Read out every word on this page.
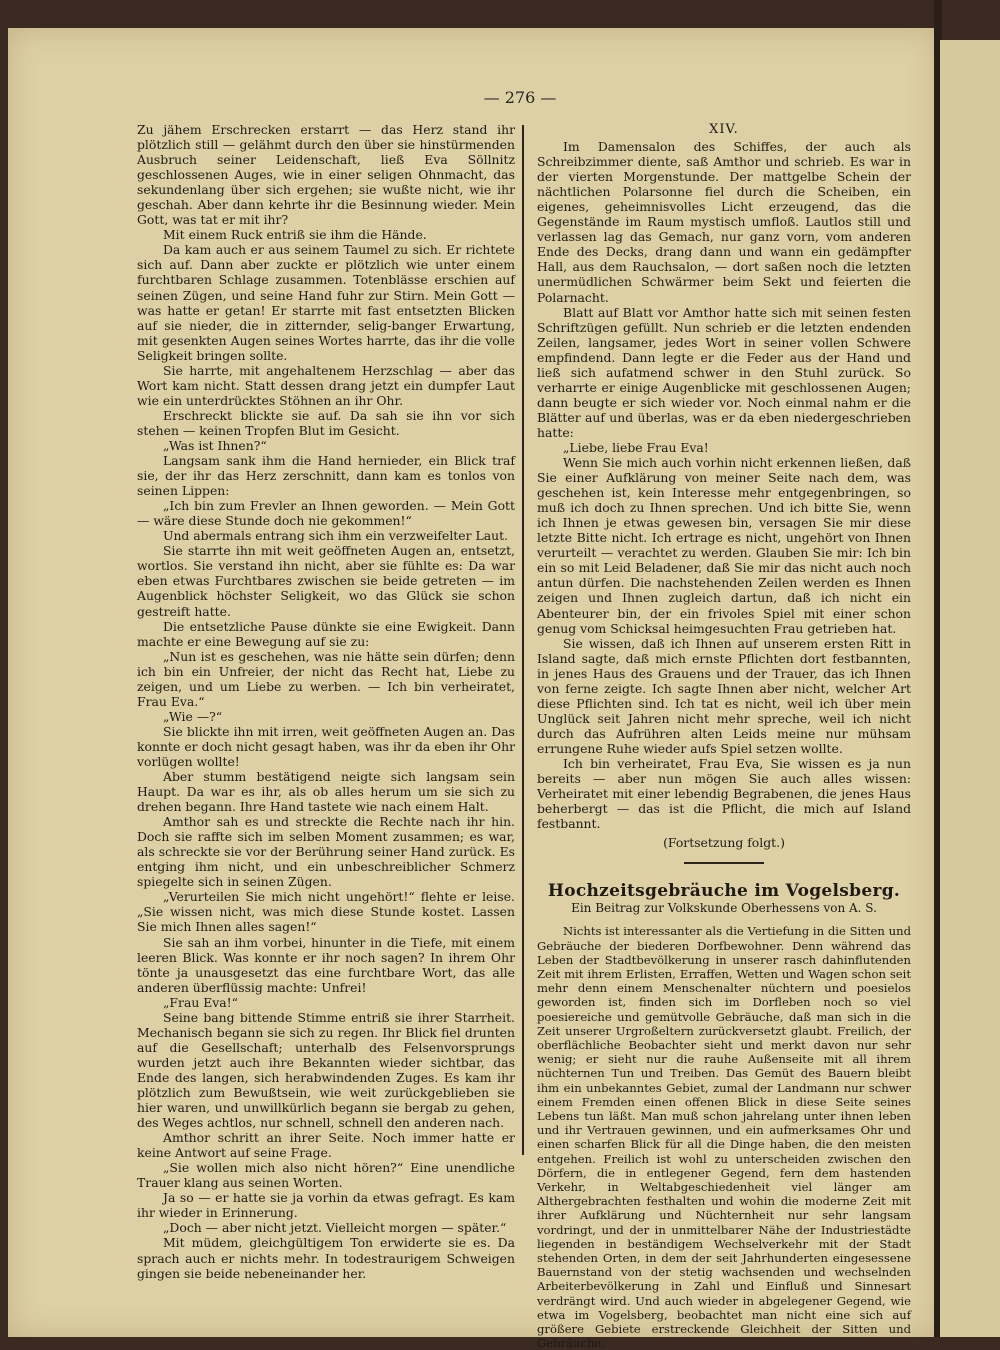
— 276 —

Zu jähem Erschrecken erstarrt — das Herz stand ihr plötzlich still — gelähmt durch den über sie hinstürmenden Ausbruch seiner Leidenschaft, ließ Eva Söllnitz geschlossenen Auges, wie in einer seligen Ohnmacht, das sekundenlang über sich ergehen; sie wußte nicht, wie ihr geschah. Aber dann kehrte ihr die Besinnung wieder. Mein Gott, was tat er mit ihr?

Mit einem Ruck entriß sie ihm die Hände.

Da kam auch er aus seinem Taumel zu sich. Er richtete sich auf. Dann aber zuckte er plötzlich wie unter einem furchtbaren Schlage zusammen. Totenblässe erschien auf seinen Zügen, und seine Hand fuhr zur Stirn. Mein Gott — was hatte er getan! Er starrte mit fast entsetzten Blicken auf sie nieder, die in zitternder, selig-banger Erwartung, mit gesenkten Augen seines Wortes harrte, das ihr die volle Seligkeit bringen sollte.

Sie harrte, mit angehaltenem Herzschlag — aber das Wort kam nicht. Statt dessen drang jetzt ein dumpfer Laut wie ein unterdrücktes Stöhnen an ihr Ohr.

Erschreckt blickte sie auf. Da sah sie ihn vor sich stehen — keinen Tropfen Blut im Gesicht.

„Was ist Ihnen?“

Langsam sank ihm die Hand hernieder, ein Blick traf sie, der ihr das Herz zerschnitt, dann kam es tonlos von seinen Lippen:

„Ich bin zum Frevler an Ihnen geworden. — Mein Gott — wäre diese Stunde doch nie gekommen!“

Und abermals entrang sich ihm ein verzweifelter Laut.

Sie starrte ihn mit weit geöffneten Augen an, entsetzt, wortlos. Sie verstand ihn nicht, aber sie fühlte es: Da war eben etwas Furchtbares zwischen sie beide getreten — im Augenblick höchster Seligkeit, wo das Glück sie schon gestreift hatte.

Die entsetzliche Pause dünkte sie eine Ewigkeit. Dann machte er eine Bewegung auf sie zu:

„Nun ist es geschehen, was nie hätte sein dürfen; denn ich bin ein Unfreier, der nicht das Recht hat, Liebe zu zeigen, und um Liebe zu werben. — Ich bin verheiratet, Frau Eva.“

„Wie —?“

Sie blickte ihn mit irren, weit geöffneten Augen an. Das konnte er doch nicht gesagt haben, was ihr da eben ihr Ohr vorlügen wollte!

Aber stumm bestätigend neigte sich langsam sein Haupt. Da war es ihr, als ob alles herum um sie sich zu drehen begann. Ihre Hand tastete wie nach einem Halt.

Amthor sah es und streckte die Rechte nach ihr hin. Doch sie raffte sich im selben Moment zusammen; es war, als schreckte sie vor der Berührung seiner Hand zurück. Es entging ihm nicht, und ein unbeschreiblicher Schmerz spiegelte sich in seinen Zügen.

„Verurteilen Sie mich nicht ungehört!“ flehte er leise. „Sie wissen nicht, was mich diese Stunde kostet. Lassen Sie mich Ihnen alles sagen!“

Sie sah an ihm vorbei, hinunter in die Tiefe, mit einem leeren Blick. Was konnte er ihr noch sagen? In ihrem Ohr tönte ja unausgesetzt das eine furchtbare Wort, das alle anderen überflüssig machte: Unfrei!

„Frau Eva!“

Seine bang bittende Stimme entriß sie ihrer Starrheit. Mechanisch begann sie sich zu regen. Ihr Blick fiel drunten auf die Gesellschaft; unterhalb des Felsenvorsprungs wurden jetzt auch ihre Bekannten wieder sichtbar, das Ende des langen, sich herabwindenden Zuges. Es kam ihr plötzlich zum Bewußtsein, wie weit zurückgeblieben sie hier waren, und unwillkürlich begann sie bergab zu gehen, des Weges achtlos, nur schnell, schnell den anderen nach.

Amthor schritt an ihrer Seite. Noch immer hatte er keine Antwort auf seine Frage.

„Sie wollen mich also nicht hören?“ Eine unendliche Trauer klang aus seinen Worten.

Ja so — er hatte sie ja vorhin da etwas gefragt. Es kam ihr wieder in Erinnerung.

„Doch — aber nicht jetzt. Vielleicht morgen — später.“

Mit müdem, gleichgültigem Ton erwiderte sie es. Da sprach auch er nichts mehr. In todestraurigem Schweigen gingen sie beide nebeneinander her.

XIV.

Im Damensalon des Schiffes, der auch als Schreibzimmer diente, saß Amthor und schrieb. Es war in der vierten Morgenstunde. Der mattgelbe Schein der nächtlichen Polarsonne fiel durch die Scheiben, ein eigenes, geheimnisvolles Licht erzeugend, das die Gegenstände im Raum mystisch umfloß. Lautlos still und verlassen lag das Gemach, nur ganz vorn, vom anderen Ende des Decks, drang dann und wann ein gedämpfter Hall, aus dem Rauchsalon, — dort saßen noch die letzten unermüdlichen Schwärmer beim Sekt und feierten die Polarnacht.

Blatt auf Blatt vor Amthor hatte sich mit seinen festen Schriftzügen gefüllt. Nun schrieb er die letzten endenden Zeilen, langsamer, jedes Wort in seiner vollen Schwere empfindend. Dann legte er die Feder aus der Hand und ließ sich aufatmend schwer in den Stuhl zurück. So verharrte er einige Augenblicke mit geschlossenen Augen; dann beugte er sich wieder vor. Noch einmal nahm er die Blätter auf und überlas, was er da eben niedergeschrieben hatte:

„Liebe, liebe Frau Eva!

Wenn Sie mich auch vorhin nicht erkennen ließen, daß Sie einer Aufklärung von meiner Seite nach dem, was geschehen ist, kein Interesse mehr entgegenbringen, so muß ich doch zu Ihnen sprechen. Und ich bitte Sie, wenn ich Ihnen je etwas gewesen bin, versagen Sie mir diese letzte Bitte nicht. Ich ertrage es nicht, ungehört von Ihnen verurteilt — verachtet zu werden. Glauben Sie mir: Ich bin ein so mit Leid Beladener, daß Sie mir das nicht auch noch antun dürfen. Die nachstehenden Zeilen werden es Ihnen zeigen und Ihnen zugleich dartun, daß ich nicht ein Abenteurer bin, der ein frivoles Spiel mit einer schon genug vom Schicksal heimgesuchten Frau getrieben hat.

Sie wissen, daß ich Ihnen auf unserem ersten Ritt in Island sagte, daß mich ernste Pflichten dort festbannten, in jenes Haus des Grauens und der Trauer, das ich Ihnen von ferne zeigte. Ich sagte Ihnen aber nicht, welcher Art diese Pflichten sind. Ich tat es nicht, weil ich über mein Unglück seit Jahren nicht mehr spreche, weil ich nicht durch das Aufrühren alten Leids meine nur mühsam errungene Ruhe wieder aufs Spiel setzen wollte.

Ich bin verheiratet, Frau Eva, Sie wissen es ja nun bereits — aber nun mögen Sie auch alles wissen: Verheiratet mit einer lebendig Begrabenen, die jenes Haus beherbergt — das ist die Pflicht, die mich auf Island festbannt.

(Fortsetzung folgt.)
Hochzeitsgebräuche im Vogelsberg.
Ein Beitrag zur Volkskunde Oberhessens von A. S.

Nichts ist interessanter als die Vertiefung in die Sitten und Gebräuche der biederen Dorfbewohner. Denn während das Leben der Stadtbevölkerung in unserer rasch dahinflutenden Zeit mit ihrem Erlisten, Erraffen, Wetten und Wagen schon seit mehr denn einem Menschenalter nüchtern und poesielos geworden ist, finden sich im Dorfleben noch so viel poesiereiche und gemütvolle Gebräuche, daß man sich in die Zeit unserer Urgroßeltern zurückversetzt glaubt. Freilich, der oberflächliche Beobachter sieht und merkt davon nur sehr wenig; er sieht nur die rauhe Außenseite mit all ihrem nüchternen Tun und Treiben. Das Gemüt des Bauern bleibt ihm ein unbekanntes Gebiet, zumal der Landmann nur schwer einem Fremden einen offenen Blick in diese Seite seines Lebens tun läßt. Man muß schon jahrelang unter ihnen leben und ihr Vertrauen gewinnen, und ein aufmerksames Ohr und einen scharfen Blick für all die Dinge haben, die den meisten entgehen. Freilich ist wohl zu unterscheiden zwischen den Dörfern, die in entlegener Gegend, fern dem hastenden Verkehr, in Weltabgeschiedenheit viel länger am Althergebrachten festhalten und wohin die moderne Zeit mit ihrer Aufklärung und Nüchternheit nur sehr langsam vordringt, und der in unmittelbarer Nähe der Industriestädte liegenden in beständigem Wechselverkehr mit der Stadt stehenden Orten, in dem der seit Jahrhunderten eingesessene Bauernstand von der stetig wachsenden und wechselnden Arbeiterbevölkerung in Zahl und Einfluß und Sinnesart verdrängt wird. Und auch wieder in abgelegener Gegend, wie etwa im Vogelsberg, beobachtet man nicht eine sich auf größere Gebiete erstreckende Gleichheit der Sitten und Gebräuche,
